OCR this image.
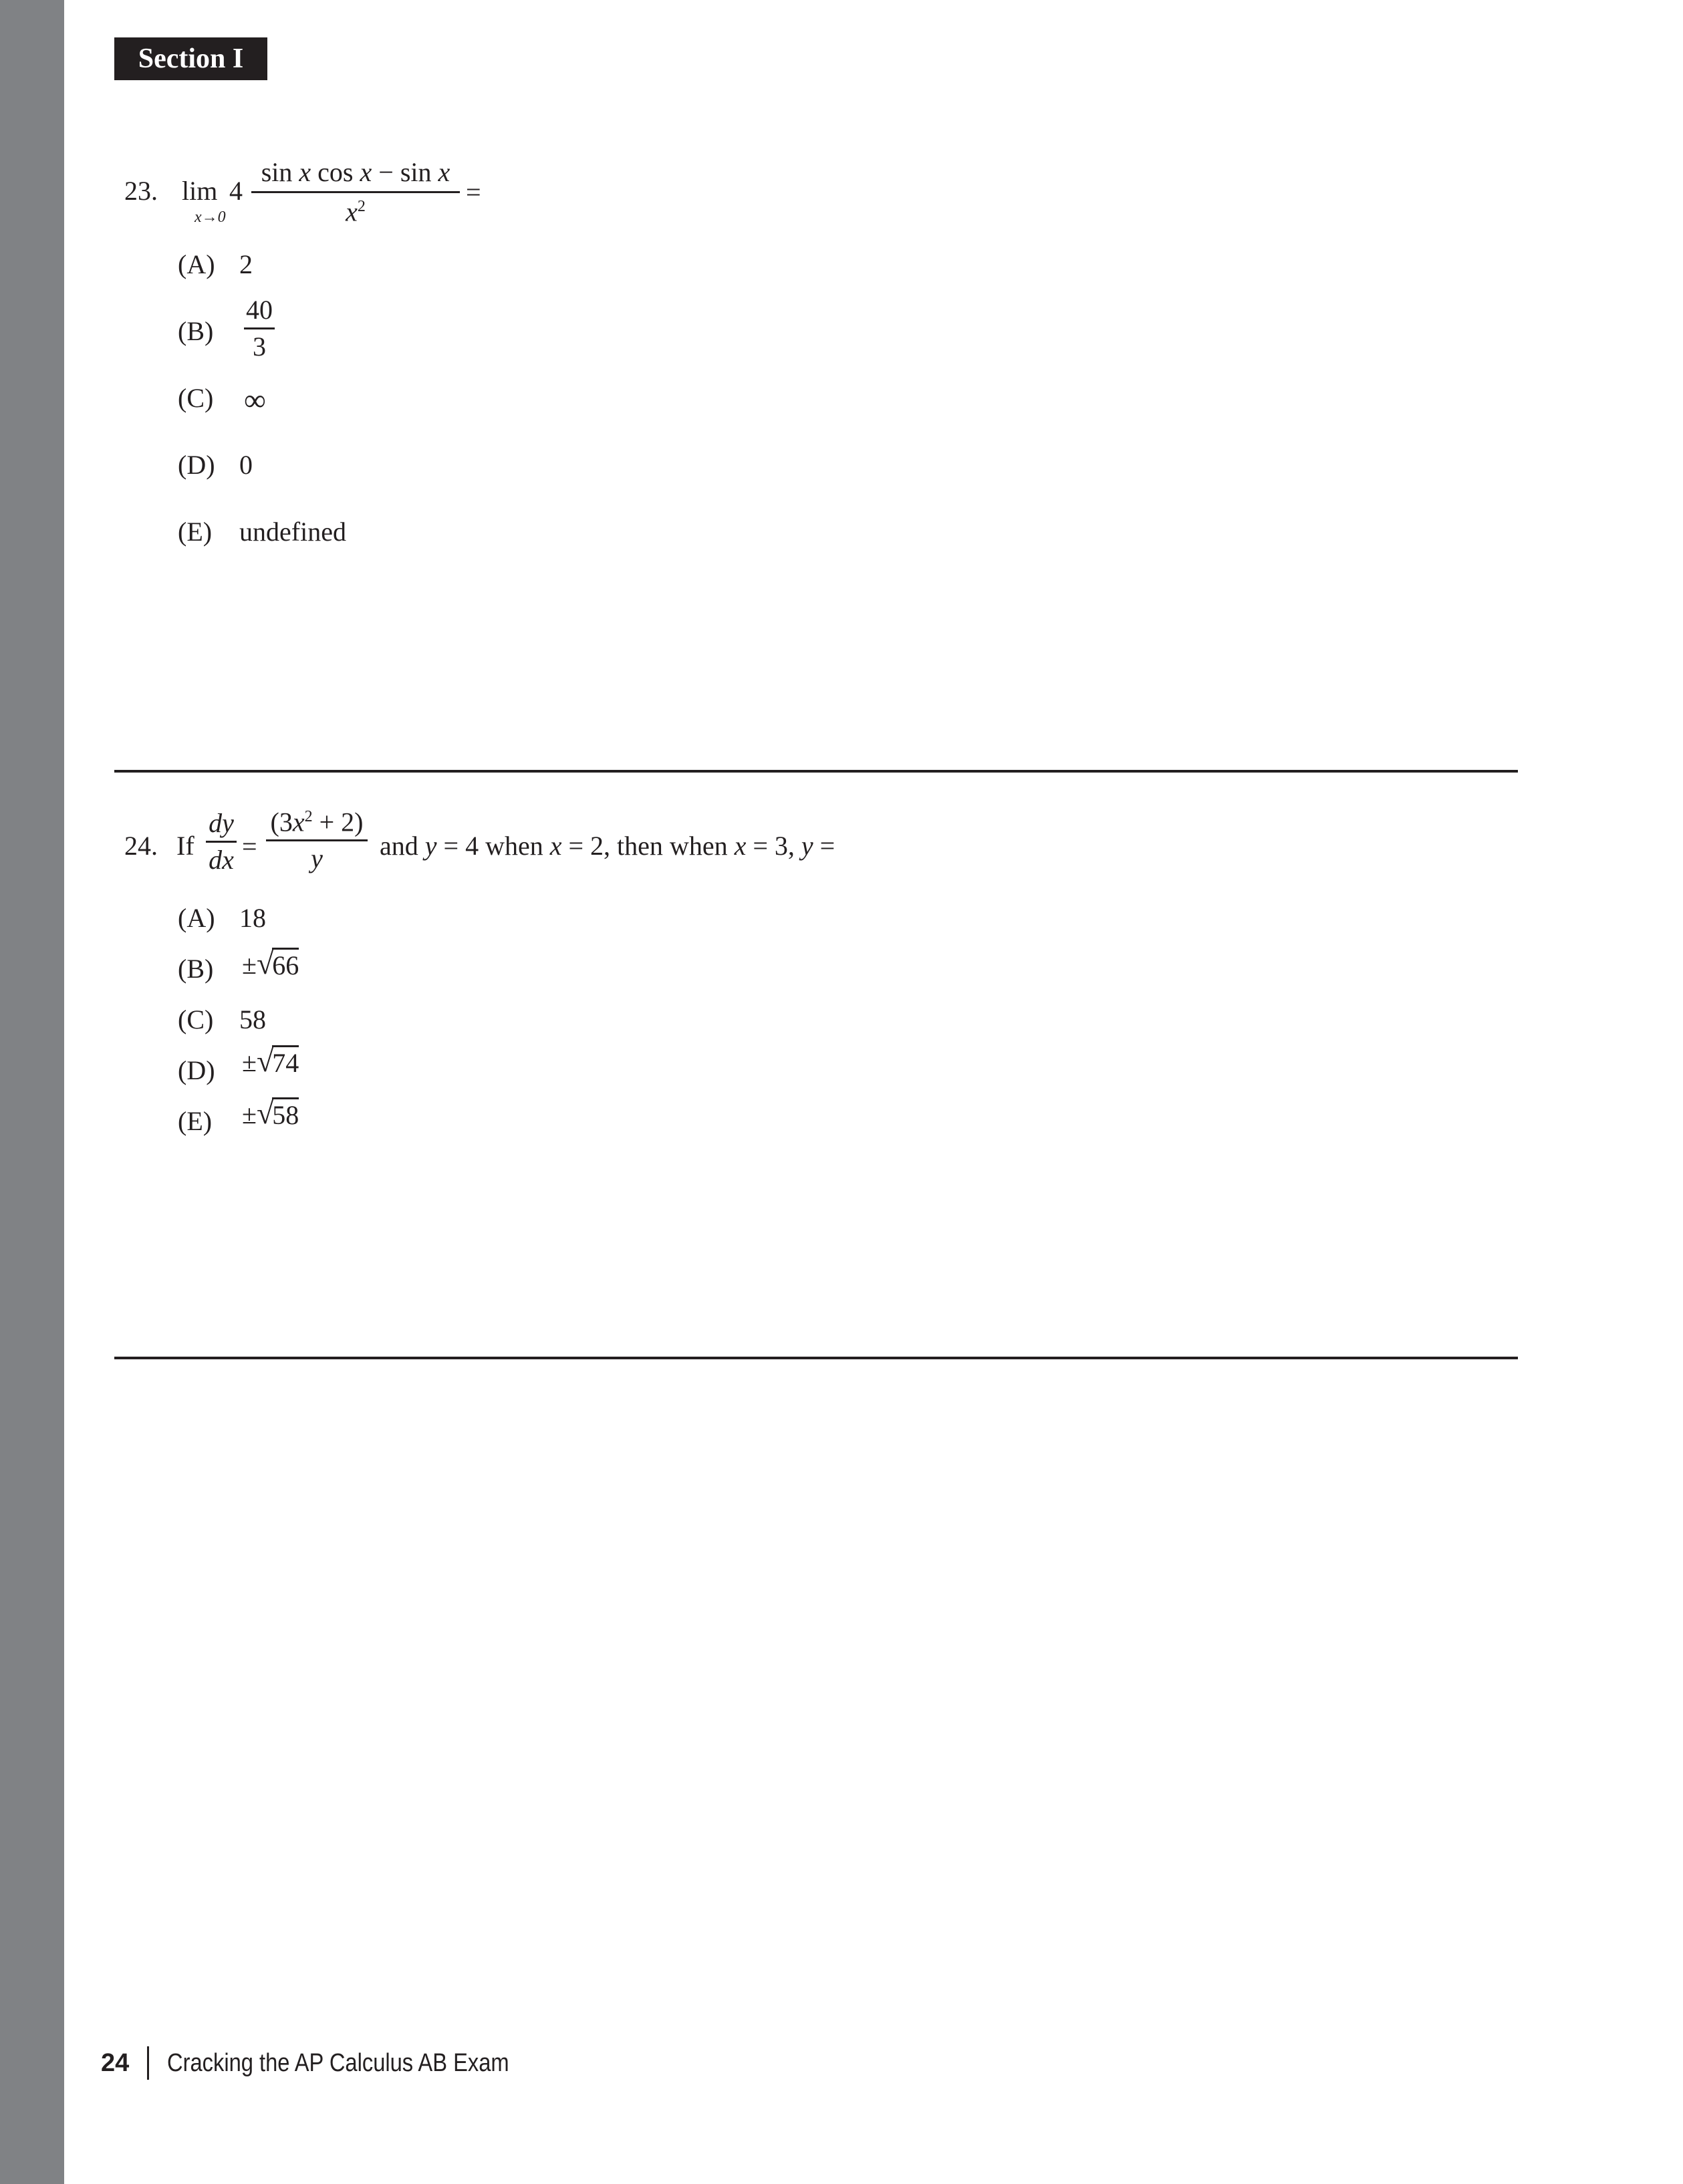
Section I
23. lim
x→0
4
sin x cos x − sin x
$x^2$	=
(A) 2
(B)
40
3
(C) ∞
(D) 0
(E) undefined
24. If
dy
dx =
$(3x^2 + 2)$
y and y = 4 when x = 2, then when x = 3, y =
(A) 18
(B) ± √
66
(C) 58
(D) ± √
74
(E) ± √
58
24 Cracking the AP Calculus AB Exam
